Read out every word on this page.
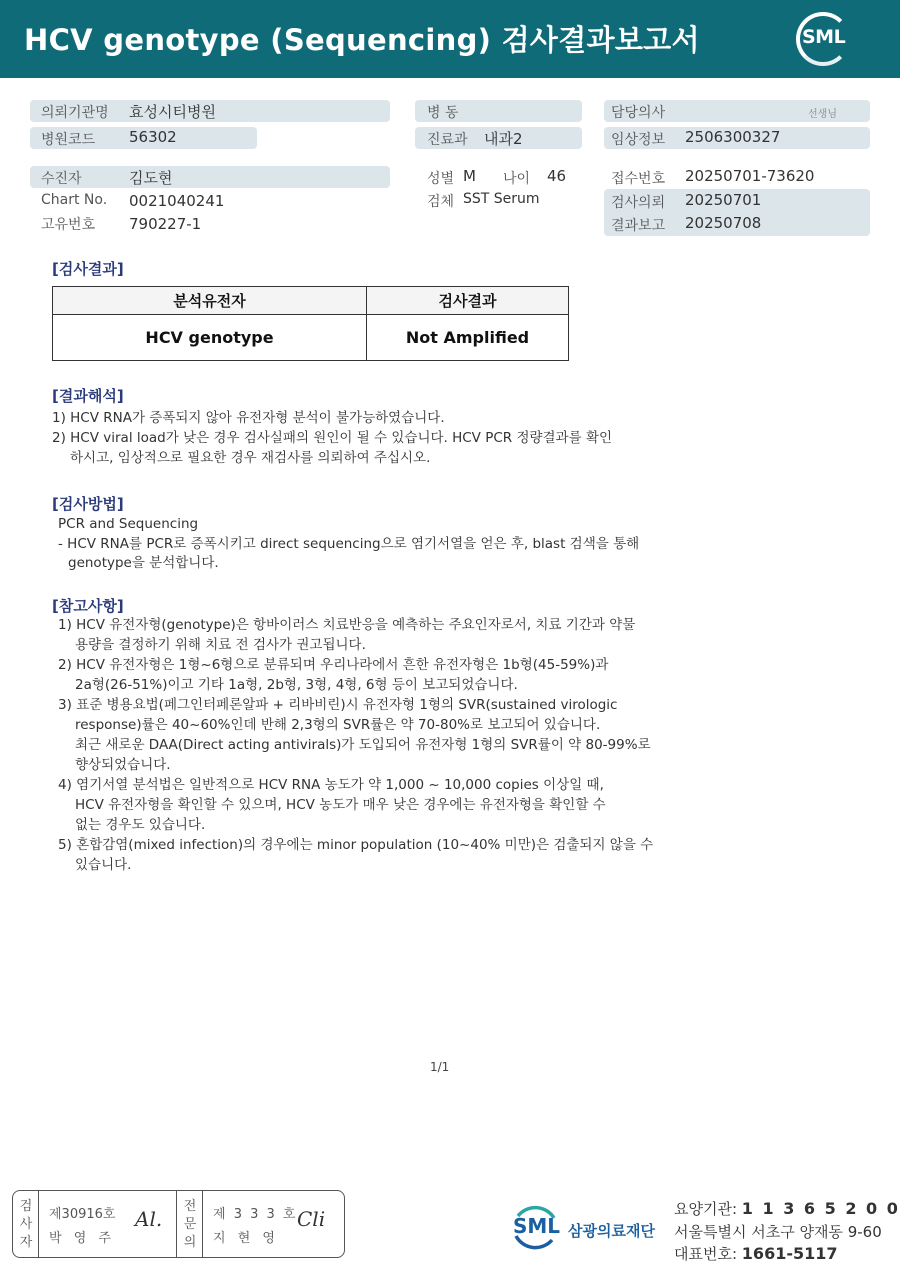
HCV genotype (Sequencing) 검사결과보고서	SML
의뢰기관명 효성시티병원
병원코드 56302
수진자	김도현
Chart No. 0021040241
고유번호 790227-1
병 동
진료과 내과2
성별 M 나이 46
검체 SST Serum
담당의사	선생님
임상정보 2506300327
접수번호 20250701-73620
검사의뢰 20250701
결과보고 20250708
[검사결과]
분석유전자	검사결과
HCV genotype	Not Amplified
[결과해석]
1) HCV RNA가 증폭되지 않아 유전자형 분석이 불가능하였습니다.
2) HCV viral load가 낮은 경우 검사실패의 원인이 될 수 있습니다. HCV PCR 정량결과를 확인
하시고, 임상적으로 필요한 경우 재검사를 의뢰하여 주십시오.
[검사방법]
PCR and Sequencing
- HCV RNA를 PCR로 증폭시키고 direct sequencing으로 염기서열을 얻은 후, blast 검색을 통해
genotype을 분석합니다.
[참고사항]
1) HCV 유전자형(genotype)은 항바이러스 치료반응을 예측하는 주요인자로서, 치료 기간과 약물
용량을 결정하기 위해 치료 전 검사가 권고됩니다.
2) HCV 유전자형은 1형~6형으로 분류되며 우리나라에서 흔한 유전자형은 1b형(45-59%)과
2a형(26-51%)이고 기타 1a형, 2b형, 3형, 4형, 6형 등이 보고되었습니다.
3) 표준 병용요법(페그인터페론알파 + 리바비린)시 유전자형 1형의 SVR(sustained virologic
response)률은 40~60%인데 반해 2,3형의 SVR률은 약 70-80%로 보고되어 있습니다.
최근 새로운 DAA(Direct acting antivirals)가 도입되어 유전자형 1형의 SVR률이 약 80-99%로
향상되었습니다.
4) 염기서열 분석법은 일반적으로 HCV RNA 농도가 약 1,000 ~ 10,000 copies 이상일 때,
HCV 유전자형을 확인할 수 있으며, HCV 농도가 매우 낮은 경우에는 유전자형을 확인할 수
없는 경우도 있습니다.
5) 혼합감염(mixed infection)의 경우에는 minor population (10~40% 미만)은 검출되지 않을 수
있습니다.
1/1
검
사
자
제30916호
박 영 주
Al.
전
문
의
제 3 3 3 호
지 현 영
Cli	SML 삼광의료재단
요양기관: 1 1 3 6 5 2 0 0
서울특별시 서초구 양재동 9-60
대표번호: 1661-5117
